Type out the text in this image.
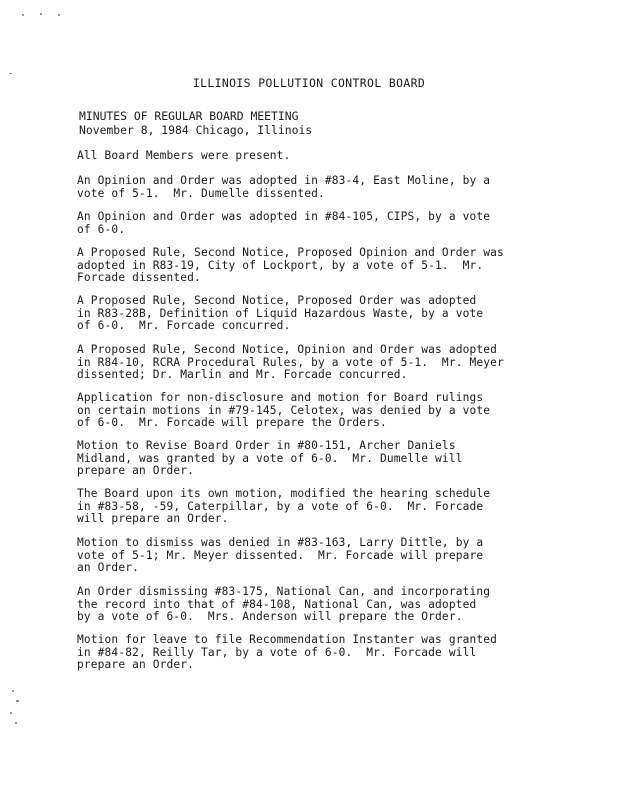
ILLINOIS POLLUTION CONTROL BOARD
MINUTES OF REGULAR BOARD MEETING
November 8, 1984 Chicago, Illinois
All Board Members were present.
An Opinion and Order was adopted in #83-4, East Moline, by a
vote of 5-1.  Mr. Dumelle dissented.
An Opinion and Order was adopted in #84-105, CIPS, by a vote
of 6-0.
A Proposed Rule, Second Notice, Proposed Opinion and Order was
adopted in R83-19, City of Lockport, by a vote of 5-1.  Mr.
Forcade dissented.
A Proposed Rule, Second Notice, Proposed Order was adopted
in R83-28B, Definition of Liquid Hazardous Waste, by a vote
of 6-0.  Mr. Forcade concurred.
A Proposed Rule, Second Notice, Opinion and Order was adopted
in R84-10, RCRA Procedural Rules, by a vote of 5-1.  Mr. Meyer
dissented; Dr. Marlin and Mr. Forcade concurred.
Application for non-disclosure and motion for Board rulings
on certain motions in #79-145, Celotex, was denied by a vote
of 6-0.  Mr. Forcade will prepare the Orders.
Motion to Revise Board Order in #80-151, Archer Daniels
Midland, was granted by a vote of 6-0.  Mr. Dumelle will
prepare an Order.
The Board upon its own motion, modified the hearing schedule
in #83-58, -59, Caterpillar, by a vote of 6-0.  Mr. Forcade
will prepare an Order.
Motion to dismiss was denied in #83-163, Larry Dittle, by a
vote of 5-1; Mr. Meyer dissented.  Mr. Forcade will prepare
an Order.
An Order dismissing #83-175, National Can, and incorporating
the record into that of #84-108, National Can, was adopted
by a vote of 6-0.  Mrs. Anderson will prepare the Order.
Motion for leave to file Recommendation Instanter was granted
in #84-82, Reilly Tar, by a vote of 6-0.  Mr. Forcade will
prepare an Order.
